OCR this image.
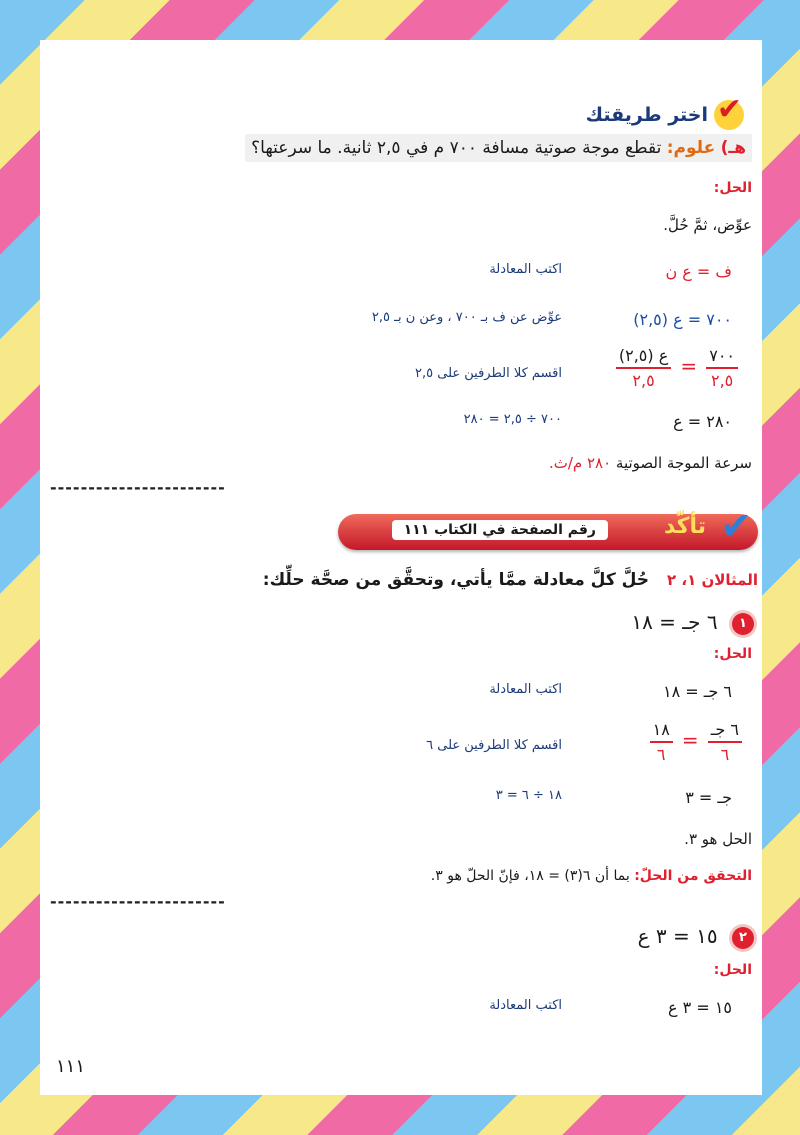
✔
اختر طريقتك
هـ) علوم: تقطع موجة صوتية مسافة ٧٠٠ م في ٢,٥ ثانية. ما سرعتها؟
الحل:
عوِّض، ثمَّ حُلَّ.
ف = ع ن
اكتب المعادلة
٧٠٠ = ع (٢,٥)
عوِّض عن ف بـ ٧٠٠ ، وعن ن بـ ٢,٥
$\frac{٧٠٠}{٢,٥}$
=
$\frac{\text{ع (٢,٥)}}{٢,٥}$
اقسم كلا الطرفين على ٢,٥
٢٨٠ = ع
٧٠٠ ÷ ٢,٥ = ٢٨٠
سرعة الموجة الصوتية ٢٨٠ م/ث.
-----------------------
✔
تأكّد
رقم الصفحة في الكتاب ١١١
المثالان ١، ٢ حُلَّ كلَّ معادلة ممَّا يأتي، وتحقَّق من صحَّة حلِّك:
١ ٦ جـ = ١٨
الحل:
٦ جـ = ١٨
اكتب المعادلة
$\frac{\text{٦ جـ}}{٦}$
=
$\frac{١٨}{٦}$
اقسم كلا الطرفين على ٦
جـ = ٣
١٨ ÷ ٦ = ٣
الحل هو ٣.
التحقق من الحلّ: بما أن ٦(٣) = ١٨، فإنّ الحلّ هو ٣.
-----------------------
٢ ١٥ = ٣ ع
الحل:
١٥ = ٣ ع
اكتب المعادلة
١١١
